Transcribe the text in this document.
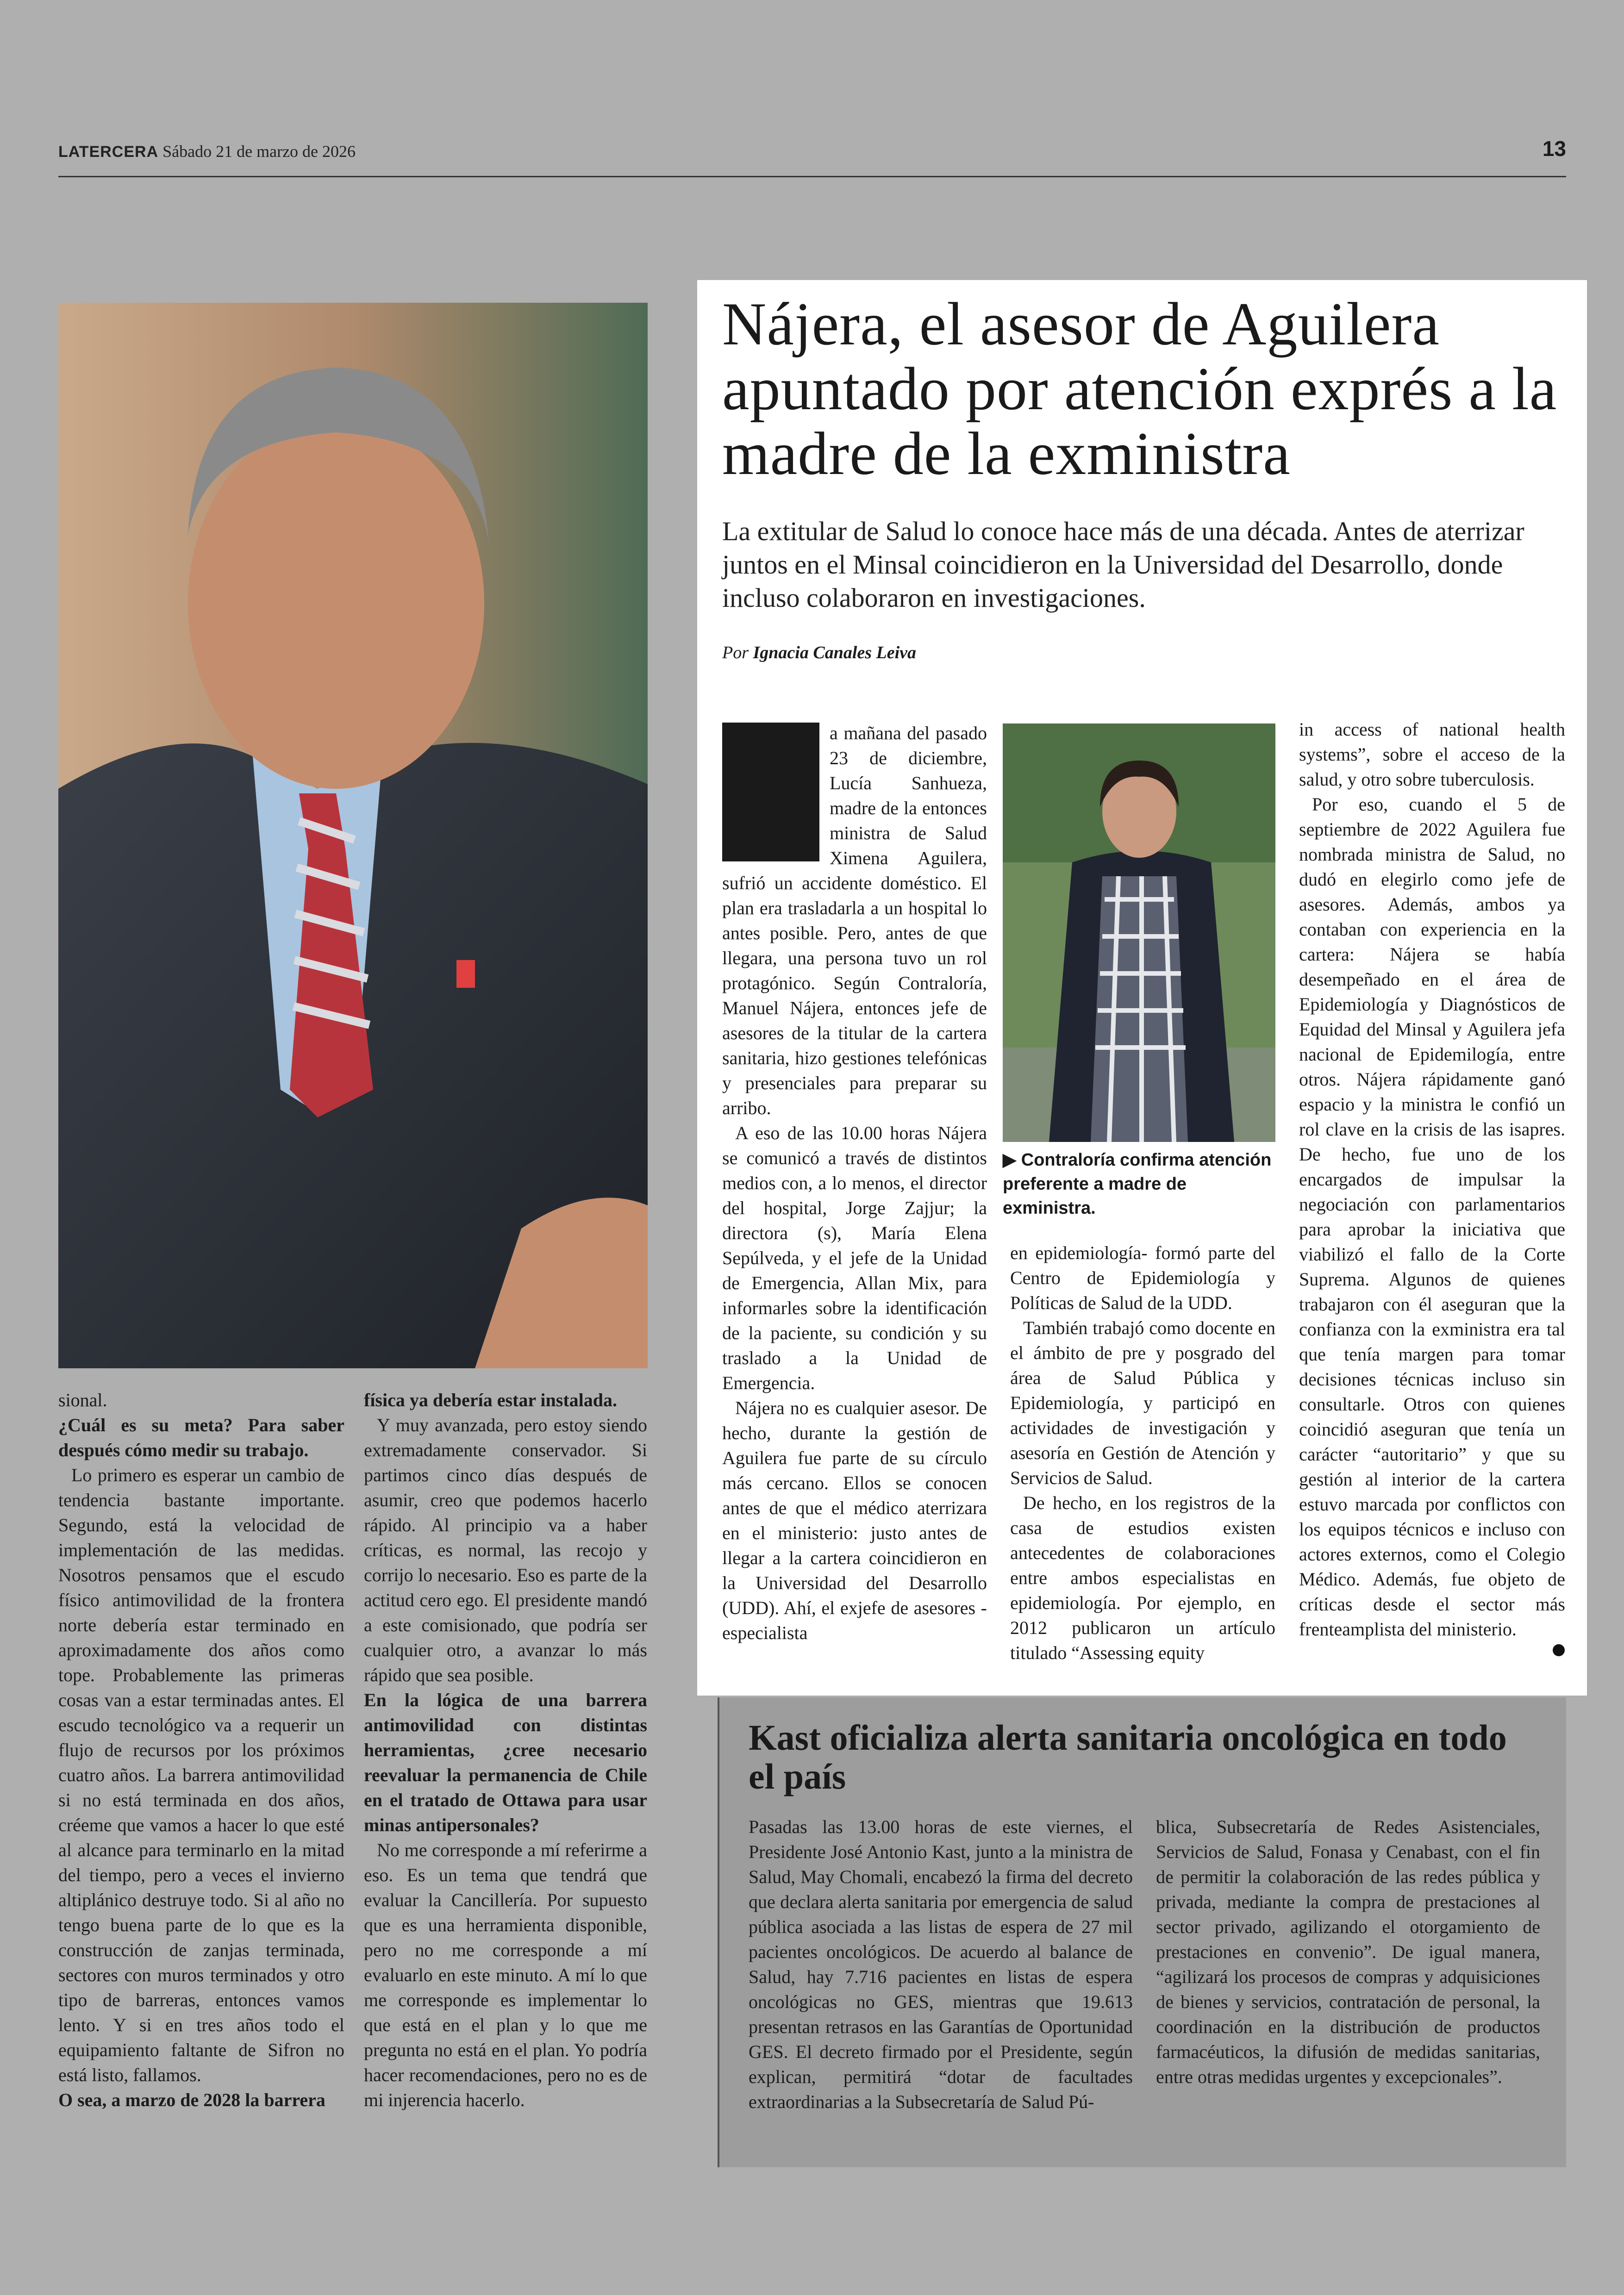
LATERCERA Sábado 21 de marzo de 2026	13

sional.

¿Cuál es su meta? Para saber después cómo medir su trabajo.

Lo primero es esperar un cambio de tendencia bastante importante. Segundo, está la velocidad de implementación de las medidas. Nosotros pensamos que el escudo físico antimovilidad de la frontera norte debería estar terminado en aproximadamente dos años como tope. Probablemente las primeras cosas van a estar terminadas antes. El escudo tecnológico va a requerir un flujo de recursos por los próximos cuatro años. La barrera antimovilidad si no está terminada en dos años, créeme que vamos a hacer lo que esté al alcance para terminarlo en la mitad del tiempo, pero a veces el invierno altiplánico destruye todo. Si al año no tengo buena parte de lo que es la construcción de zanjas terminada, sectores con muros terminados y otro tipo de barreras, entonces vamos lento. Y si en tres años todo el equipamiento faltante de Sifron no está listo, fallamos.

O sea, a marzo de 2028 la barrera

física ya debería estar instalada.

Y muy avanzada, pero estoy siendo extremadamente conservador. Si partimos cinco días después de asumir, creo que podemos hacerlo rápido. Al principio va a haber críticas, es normal, las recojo y corrijo lo necesario. Eso es parte de la actitud cero ego. El presidente mandó a este comisionado, que podría ser cualquier otro, a avanzar lo más rápido que sea posible.

En la lógica de una barrera antimovilidad con distintas herramientas, ¿cree necesario reevaluar la permanencia de Chile en el tratado de Ottawa para usar minas antipersonales?

No me corresponde a mí referirme a eso. Es un tema que tendrá que evaluar la Cancillería. Por supuesto que es una herramienta disponible, pero no me corresponde a mí evaluarlo en este minuto. A mí lo que me corresponde es implementar lo que está en el plan y lo que me pregunta no está en el plan. Yo podría hacer recomendaciones, pero no es de mi injerencia hacerlo.

Nájera, el asesor de Aguilera apuntado por atención exprés a la madre de la exministra

La extitular de Salud lo conoce hace más de una década. Antes de aterrizar juntos en el Minsal coincidieron en la Universidad del Desarrollo, donde incluso colaboraron en investigaciones.

Por Ignacia Canales Leiva

a mañana del pasado 23 de diciembre, Lucía Sanhueza, madre de la entonces ministra de Salud Ximena Aguilera, sufrió un accidente doméstico. El plan era trasladarla a un hospital lo antes posible. Pero, antes de que llegara, una persona tuvo un rol protagónico. Según Contraloría, Manuel Nájera, entonces jefe de asesores de la titular de la cartera sanitaria, hizo gestiones telefónicas y presenciales para preparar su arribo.

A eso de las 10.00 horas Nájera se comunicó a través de distintos medios con, a lo menos, el director del hospital, Jorge Zajjur; la directora (s), María Elena Sepúlveda, y el jefe de la Unidad de Emergencia, Allan Mix, para informarles sobre la identificación de la paciente, su condición y su traslado a la Unidad de Emergencia.

Nájera no es cualquier asesor. De hecho, durante la gestión de Aguilera fue parte de su círculo más cercano. Ellos se conocen antes de que el médico aterrizara en el ministerio: justo antes de llegar a la cartera coincidieron en la Universidad del Desarrollo (UDD). Ahí, el exjefe de asesores -especialista

▶ Contraloría confirma atención preferente a madre de exministra.

en epidemiología- formó parte del Centro de Epidemiología y Políticas de Salud de la UDD.

También trabajó como docente en el ámbito de pre y posgrado del área de Salud Pública y Epidemiología, y participó en actividades de investigación y asesoría en Gestión de Atención y Servicios de Salud.

De hecho, en los registros de la casa de estudios existen antecedentes de colaboraciones entre ambos especialistas en epidemiología. Por ejemplo, en 2012 publicaron un artículo titulado “Assessing equity

in access of national health systems”, sobre el acceso de la salud, y otro sobre tuberculosis.

Por eso, cuando el 5 de septiembre de 2022 Aguilera fue nombrada ministra de Salud, no dudó en elegirlo como jefe de asesores. Además, ambos ya contaban con experiencia en la cartera: Nájera se había desempeñado en el área de Epidemiología y Diagnósticos de Equidad del Minsal y Aguilera jefa nacional de Epidemilogía, entre otros. Nájera rápidamente ganó espacio y la ministra le confió un rol clave en la crisis de las isapres. De hecho, fue uno de los encargados de impulsar la negociación con parlamentarios para aprobar la iniciativa que viabilizó el fallo de la Corte Suprema. Algunos de quienes trabajaron con él aseguran que la confianza con la exministra era tal que tenía margen para tomar decisiones técnicas incluso sin consultarle. Otros con quienes coincidió aseguran que tenía un carácter “autoritario” y que su gestión al interior de la cartera estuvo marcada por conflictos con los equipos técnicos e incluso con actores externos, como el Colegio Médico. Además, fue objeto de críticas desde el sector más frenteamplista del ministerio.

Kast oficializa alerta sanitaria oncológica en todo el país

Pasadas las 13.00 horas de este viernes, el Presidente José Antonio Kast, junto a la ministra de Salud, May Chomali, encabezó la firma del decreto que declara alerta sanitaria por emergencia de salud pública asociada a las listas de espera de 27 mil pacientes oncológicos. De acuerdo al balance de Salud, hay 7.716 pacientes en listas de espera oncológicas no GES, mientras que 19.613 presentan retrasos en las Garantías de Oportunidad GES. El decreto firmado por el Presidente, según explican, permitirá “dotar de facultades extraordinarias a la Subsecretaría de Salud Pú-

blica, Subsecretaría de Redes Asistenciales, Servicios de Salud, Fonasa y Cenabast, con el fin de permitir la colaboración de las redes pública y privada, mediante la compra de prestaciones al sector privado, agilizando el otorgamiento de prestaciones en convenio”. De igual manera, “agilizará los procesos de compras y adquisiciones de bienes y servicios, contratación de personal, la coordinación en la distribución de productos farmacéuticos, la difusión de medidas sanitarias, entre otras medidas urgentes y excepcionales”.
